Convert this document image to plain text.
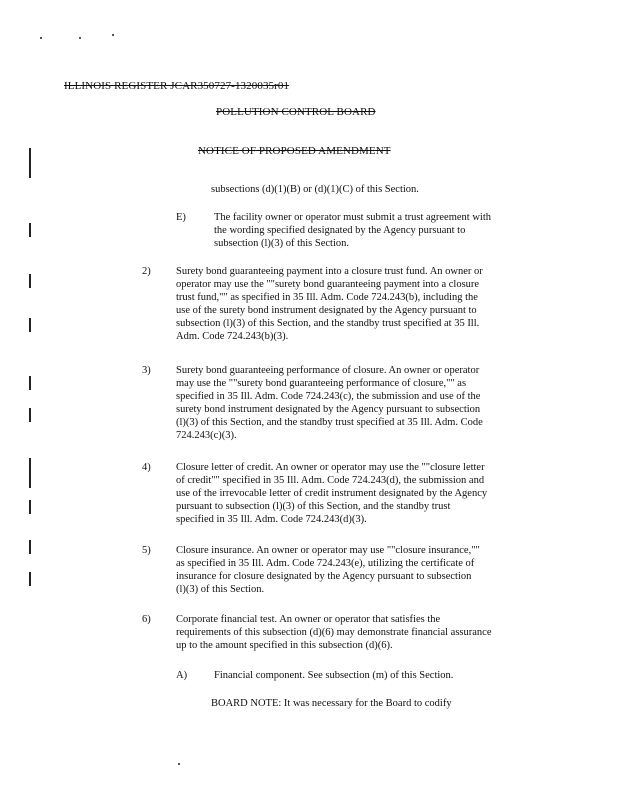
ILLINOIS REGISTER JCAR350727-1320035r01
POLLUTION CONTROL BOARD
NOTICE OF PROPOSED AMENDMENT
subsections (d)(1)(B) or (d)(1)(C) of this Section.
E)	The facility owner or operator must submit a trust agreement with
the wording specified designated by the Agency pursuant to
subsection (l)(3) of this Section.
2) Surety bond guaranteeing payment into a closure trust fund. An owner or
operator may use the ""surety bond guaranteeing payment into a closure
trust fund,"" as specified in 35 Ill. Adm. Code 724.243(b), including the
use of the surety bond instrument designated by the Agency pursuant to
subsection (l)(3) of this Section, and the standby trust specified at 35 Ill.
Adm. Code 724.243(b)(3).
3) Surety bond guaranteeing performance of closure. An owner or operator
may use the ""surety bond guaranteeing performance of closure,"" as
specified in 35 Ill. Adm. Code 724.243(c), the submission and use of the
surety bond instrument designated by the Agency pursuant to subsection
(l)(3) of this Section, and the standby trust specified at 35 Ill. Adm. Code
724.243(c)(3).
4) Closure letter of credit. An owner or operator may use the ""closure letter
of credit"" specified in 35 Ill. Adm. Code 724.243(d), the submission and
use of the irrevocable letter of credit instrument designated by the Agency
pursuant to subsection (l)(3) of this Section, and the standby trust
specified in 35 Ill. Adm. Code 724.243(d)(3).
5) Closure insurance. An owner or operator may use ""closure insurance,""
as specified in 35 Ill. Adm. Code 724.243(e), utilizing the certificate of
insurance for closure designated by the Agency pursuant to subsection
(l)(3) of this Section.
6) Corporate financial test. An owner or operator that satisfies the
requirements of this subsection (d)(6) may demonstrate financial assurance
up to the amount specified in this subsection (d)(6).
A)	Financial component. See subsection (m) of this Section.
BOARD NOTE: It was necessary for the Board to codify
